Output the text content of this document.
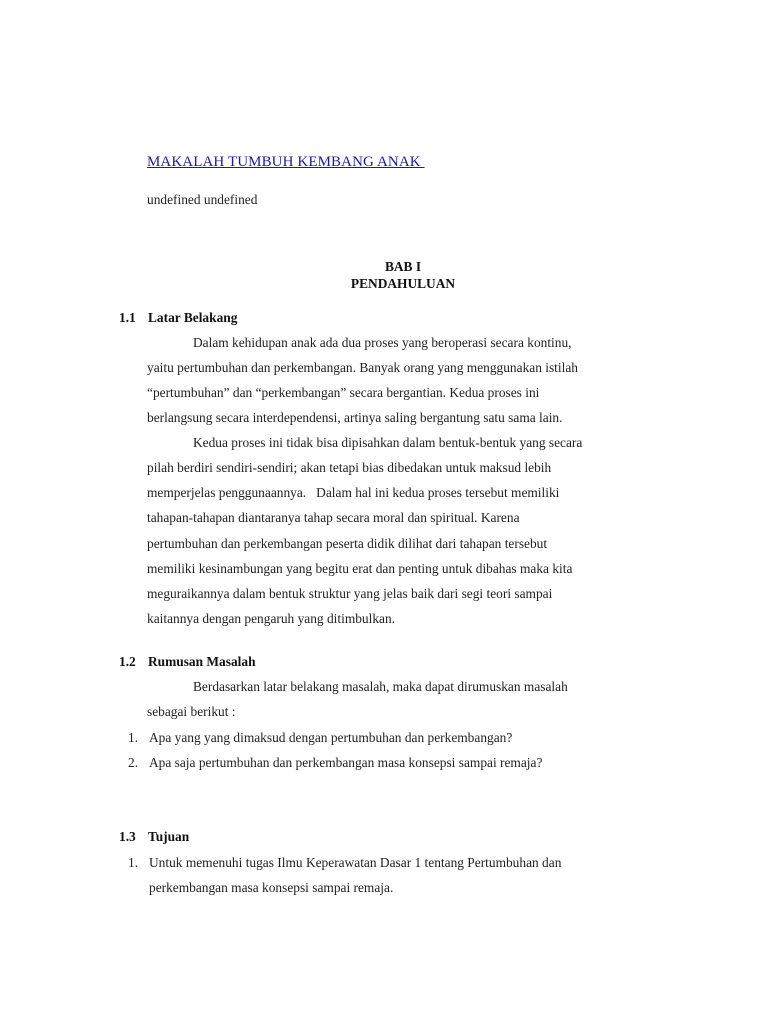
MAKALAH TUMBUH KEMBANG ANAK
undefined undefined
BAB I
PENDAHULUAN
1.1 Latar Belakang
Dalam kehidupan anak ada dua proses yang beroperasi secara kontinu,
yaitu pertumbuhan dan perkembangan. Banyak orang yang menggunakan istilah
“pertumbuhan” dan “perkembangan” secara bergantian. Kedua proses ini
berlangsung secara interdependensi, artinya saling bergantung satu sama lain.
Kedua proses ini tidak bisa dipisahkan dalam bentuk-bentuk yang secara
pilah berdiri sendiri-sendiri; akan tetapi bias dibedakan untuk maksud lebih
memperjelas penggunaannya.   Dalam hal ini kedua proses tersebut memiliki
tahapan-tahapan diantaranya tahap secara moral dan spiritual. Karena
pertumbuhan dan perkembangan peserta didik dilihat dari tahapan tersebut
memiliki kesinambungan yang begitu erat dan penting untuk dibahas maka kita
meguraikannya dalam bentuk struktur yang jelas baik dari segi teori sampai
kaitannya dengan pengaruh yang ditimbulkan.
1.2 Rumusan Masalah
Berdasarkan latar belakang masalah, maka dapat dirumuskan masalah
sebagai berikut :
1. Apa yang yang dimaksud dengan pertumbuhan dan perkembangan?
2. Apa saja pertumbuhan dan perkembangan masa konsepsi sampai remaja?
1.3 Tujuan
1. Untuk memenuhi tugas Ilmu Keperawatan Dasar 1 tentang Pertumbuhan dan
perkembangan masa konsepsi sampai remaja.
